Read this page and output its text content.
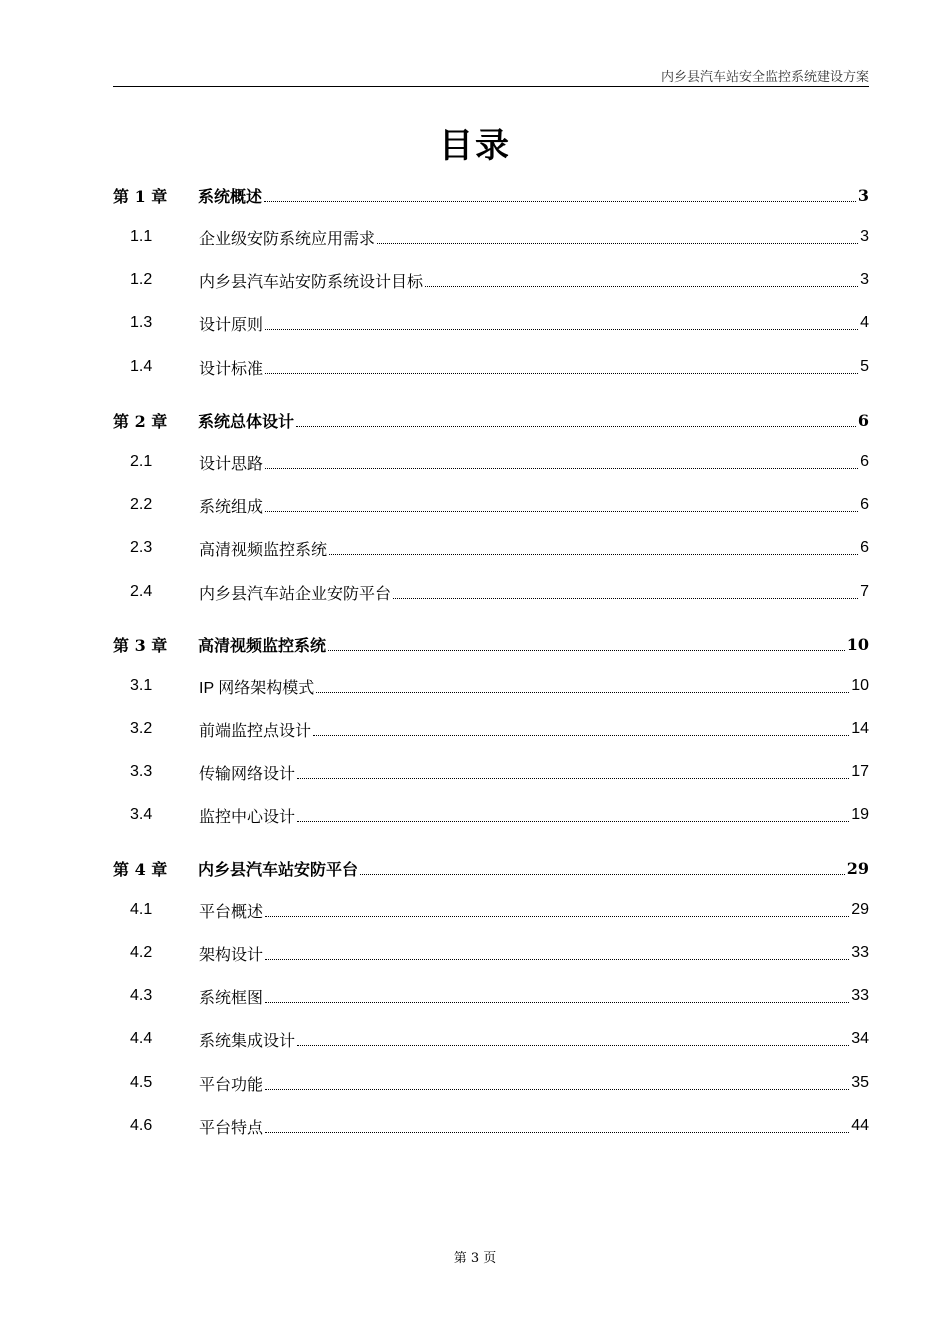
内乡县汽车站安全监控系统建设方案
目录
第 1 章	系统概述	3
1.1	企业级安防系统应用需求	3
1.2	内乡县汽车站安防系统设计目标	3
1.3	设计原则	4
1.4	设计标准	5
第 2 章	系统总体设计	6
2.1	设计思路	6
2.2	系统组成	6
2.3	高清视频监控系统	6
2.4	内乡县汽车站企业安防平台	7
第 3 章	高清视频监控系统	10
3.1	IP 网络架构模式	10
3.2	前端监控点设计	14
3.3	传输网络设计	17
3.4	监控中心设计	19
第 4 章	内乡县汽车站安防平台	29
4.1	平台概述	29
4.2	架构设计	33
4.3	系统框图	33
4.4	系统集成设计	34
4.5	平台功能	35
4.6	平台特点	44
第 3 页
